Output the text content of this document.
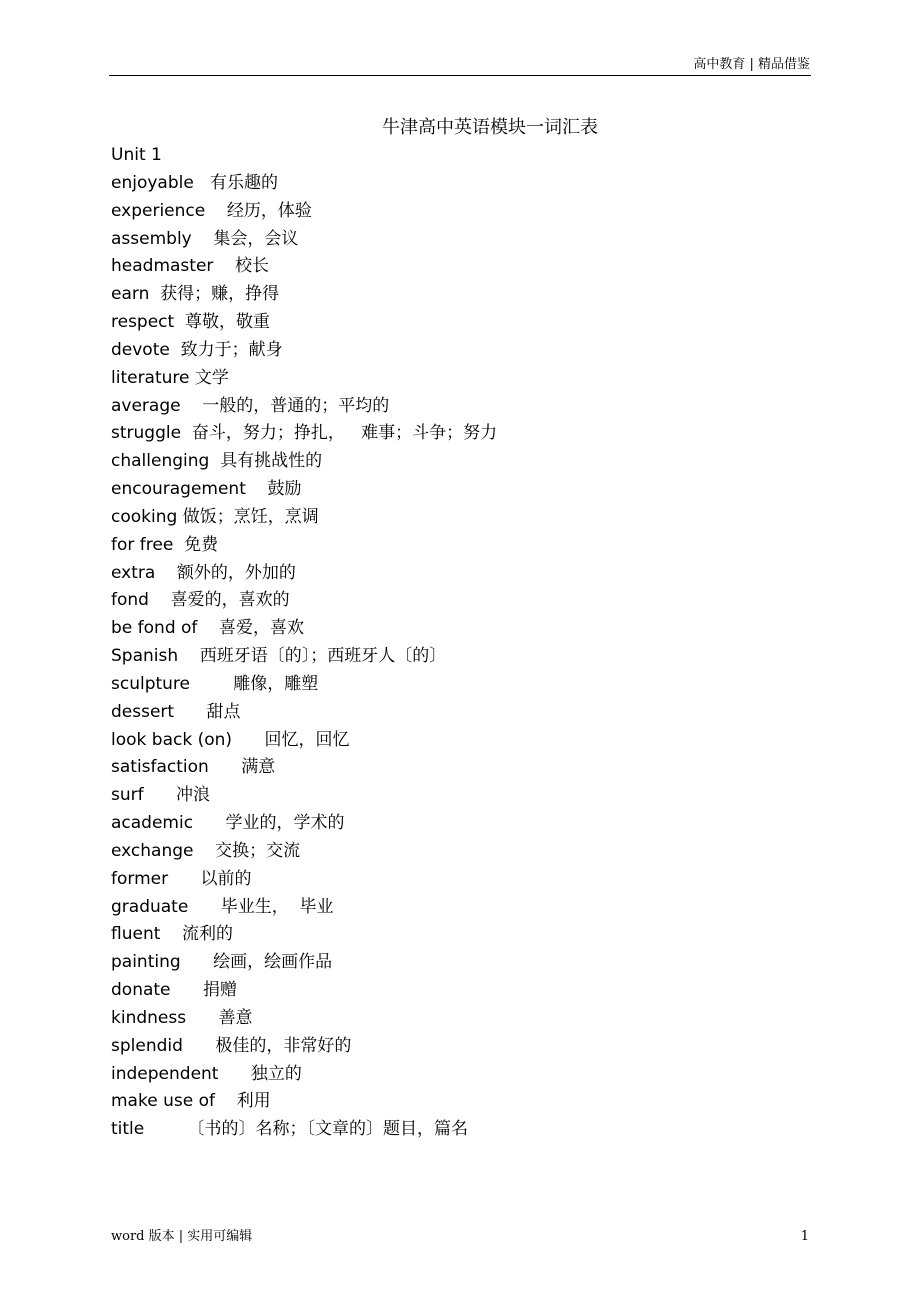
高中教育 | 精品借鉴
牛津高中英语模块一词汇表
Unit 1
enjoyable 有乐趣的
experience 经历，体验
assembly 集会，会议
headmaster 校长
earn 获得；赚，挣得
respect 尊敬，敬重
devote 致力于；献身
literature 文学
average 一般的，普通的；平均的
struggle 奋斗，努力；挣扎，   难事；斗争；努力
challenging 具有挑战性的
encouragement 鼓励
cooking 做饭；烹饪，烹调
for free 免费
extra 额外的，外加的
fond 喜爱的，喜欢的
be fond of 喜爱，喜欢
Spanish 西班牙语〔的〕；西班牙人〔的〕
sculpture	雕像，雕塑
dessert 甜点
look back (on) 回忆，回忆
satisfaction 满意
surf 冲浪
academic 学业的，学术的
exchange 交换；交流
former 以前的
graduate 毕业生，  毕业
fluent 流利的
painting 绘画，绘画作品
donate 捐赠
kindness 善意
splendid 极佳的，非常好的
independent 独立的
make use of 利用
title	〔书的〕名称；〔文章的〕题目，篇名
word 版本 | 实用可编辑	1
